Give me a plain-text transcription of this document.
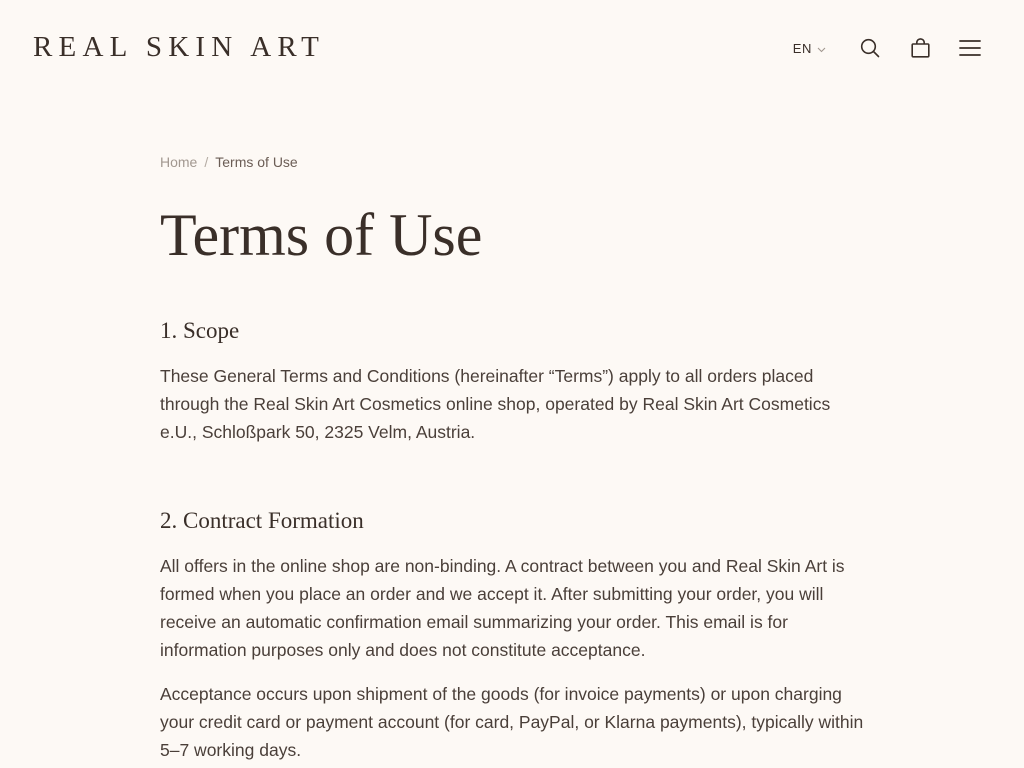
REAL SKIN ART	EN
Home / Terms of Use
Terms of Use
1. Scope

These General Terms and Conditions (hereinafter “Terms”) apply to all orders placed through the Real Skin Art Cosmetics online shop, operated by Real Skin Art Cosmetics e.U., Schloßpark 50, 2325 Velm, Austria.

2. Contract Formation

All offers in the online shop are non-binding. A contract between you and Real Skin Art is formed when you place an order and we accept it. After submitting your order, you will receive an automatic confirmation email summarizing your order. This email is for information purposes only and does not constitute acceptance.

Acceptance occurs upon shipment of the goods (for invoice payments) or upon charging your credit card or payment account (for card, PayPal, or Klarna payments), typically within 5–7 working days.
